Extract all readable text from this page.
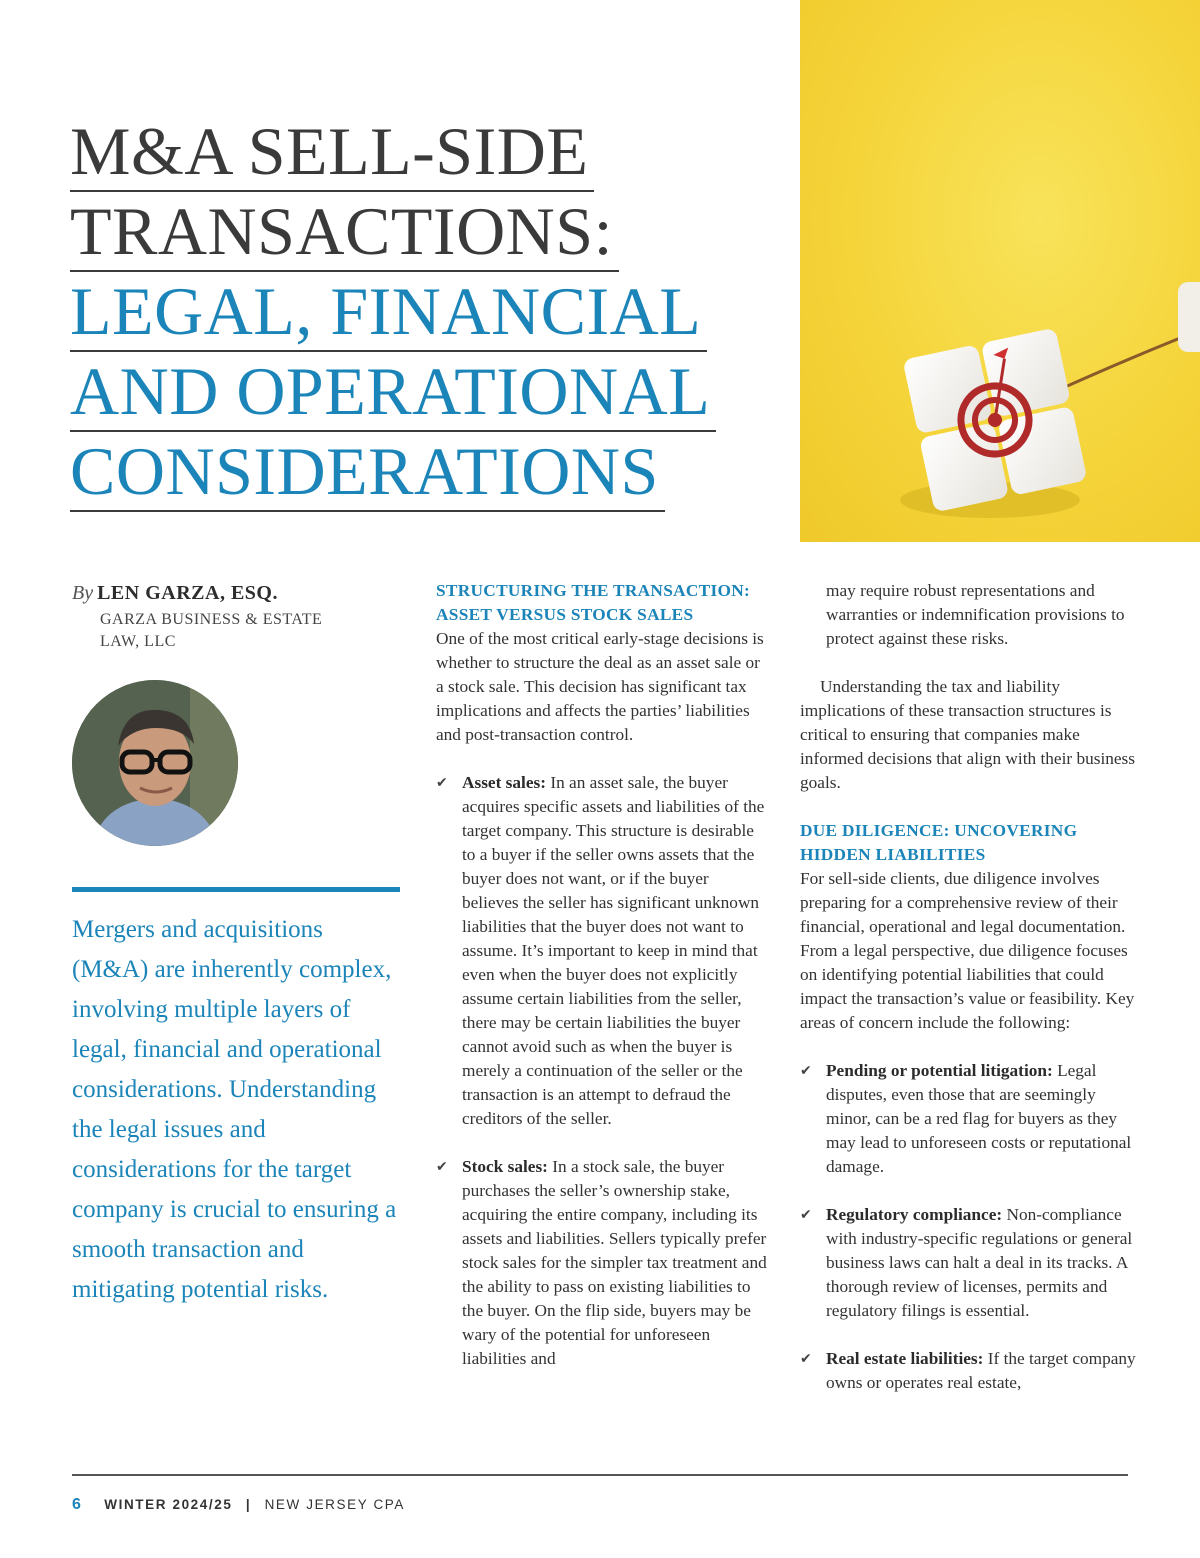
M&A SELL-SIDE
TRANSACTIONS:
LEGAL, FINANCIAL
AND OPERATIONAL
CONSIDERATIONS
By LEN GARZA, ESQ.
GARZA BUSINESS & ESTATE
LAW, LLC
Mergers and acquisitions (M&A) are inherently complex, involving multiple layers of legal, financial and operational considerations. Understanding the legal issues and considerations for the target company is crucial to ensuring a smooth transaction and mitigating potential risks.
STRUCTURING THE TRANSACTION: ASSET VERSUS STOCK SALES
One of the most critical early-stage decisions is whether to structure the deal as an asset sale or a stock sale. This decision has significant tax implications and affects the parties’ liabilities and post-transaction control.
✔ Asset sales: In an asset sale, the buyer acquires specific assets and liabilities of the target company. This structure is desirable to a buyer if the seller owns assets that the buyer does not want, or if the buyer believes the seller has significant unknown liabilities that the buyer does not want to assume. It’s important to keep in mind that even when the buyer does not explicitly assume certain liabilities from the seller, there may be certain liabilities the buyer cannot avoid such as when the buyer is merely a continuation of the seller or the transaction is an attempt to defraud the creditors of the seller.
✔ Stock sales: In a stock sale, the buyer purchases the seller’s ownership stake, acquiring the entire company, including its assets and liabilities. Sellers typically prefer stock sales for the simpler tax treatment and the ability to pass on existing liabilities to the buyer. On the flip side, buyers may be wary of the potential for unforeseen liabilities and
may require robust representations and warranties or indemnification provisions to protect against these risks.
Understanding the tax and liability implications of these transaction structures is critical to ensuring that companies make informed decisions that align with their business goals.
DUE DILIGENCE: UNCOVERING HIDDEN LIABILITIES
For sell-side clients, due diligence involves preparing for a comprehensive review of their financial, operational and legal documentation. From a legal perspective, due diligence focuses on identifying potential liabilities that could impact the transaction’s value or feasibility. Key areas of concern include the following:
✔ Pending or potential litigation: Legal disputes, even those that are seemingly minor, can be a red flag for buyers as they may lead to unforeseen costs or reputational damage.
✔ Regulatory compliance: Non-compliance with industry-specific regulations or general business laws can halt a deal in its tracks. A thorough review of licenses, permits and regulatory filings is essential.
✔ Real estate liabilities: If the target company owns or operates real estate,
6 WINTER 2024/25 | NEW JERSEY CPA
